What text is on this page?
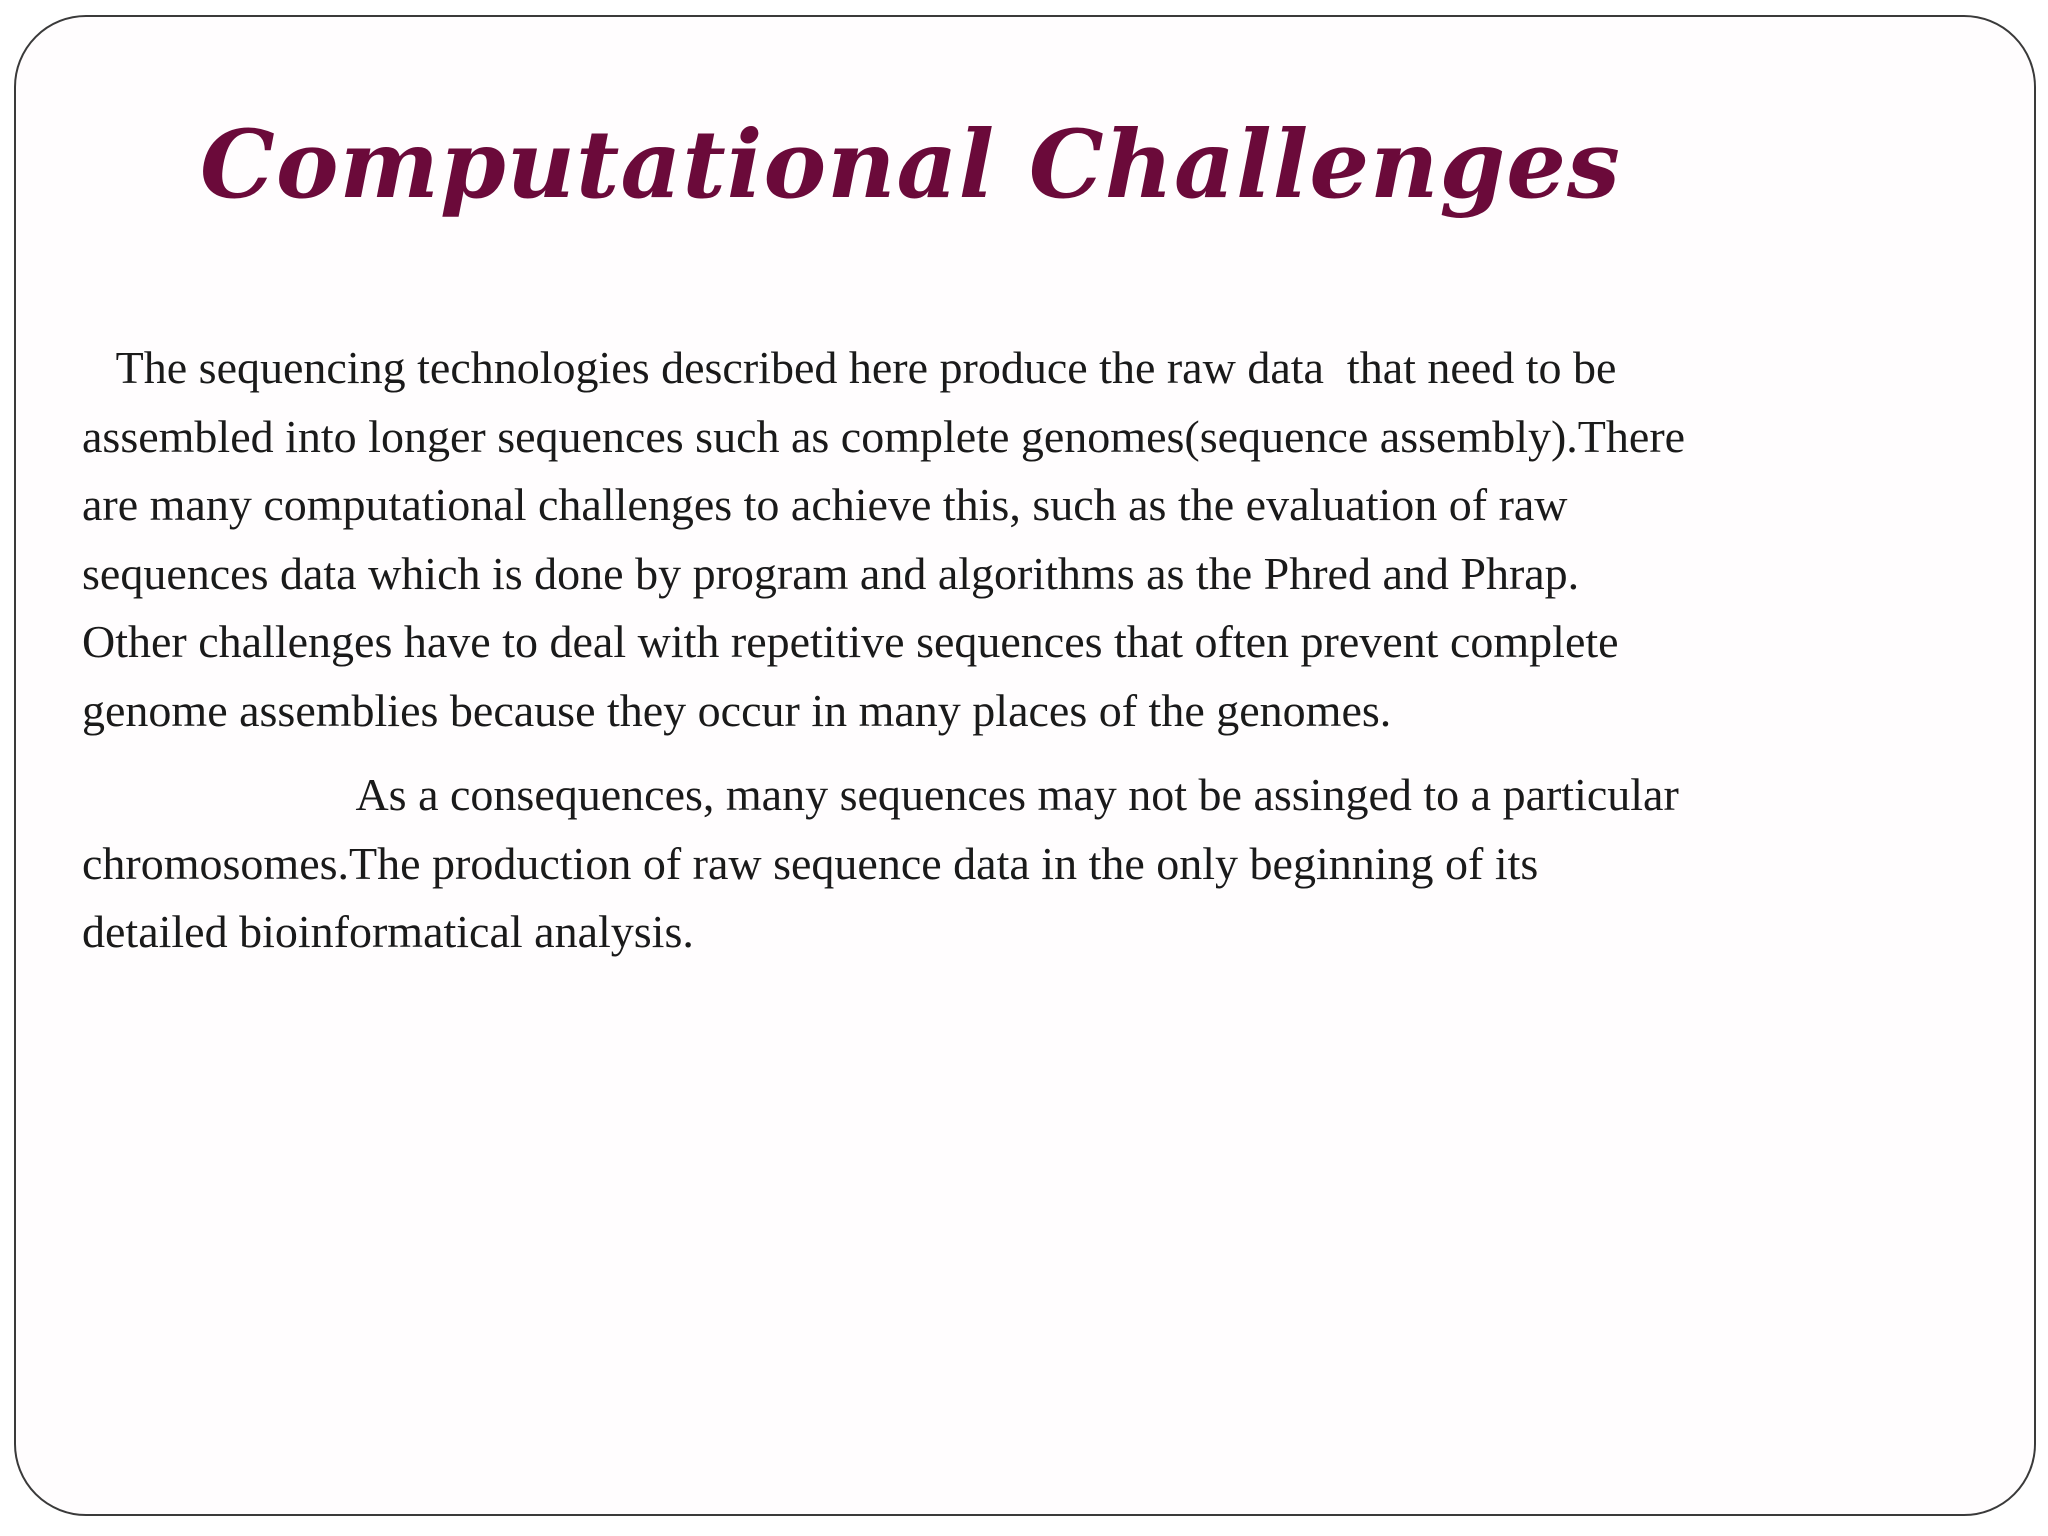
Computational Challenges

The sequencing technologies described here produce the raw data  that need to be
assembled into longer sequences such as complete genomes(sequence assembly).There
are many computational challenges to achieve this, such as the evaluation of raw
sequences data which is done by program and algorithms as the Phred and Phrap.
Other challenges have to deal with repetitive sequences that often prevent complete
genome assemblies because they occur in many places of the genomes.

As a consequences, many sequences may not be assinged to a particular
chromosomes.The production of raw sequence data in the only beginning of its
detailed bioinformatical analysis.
